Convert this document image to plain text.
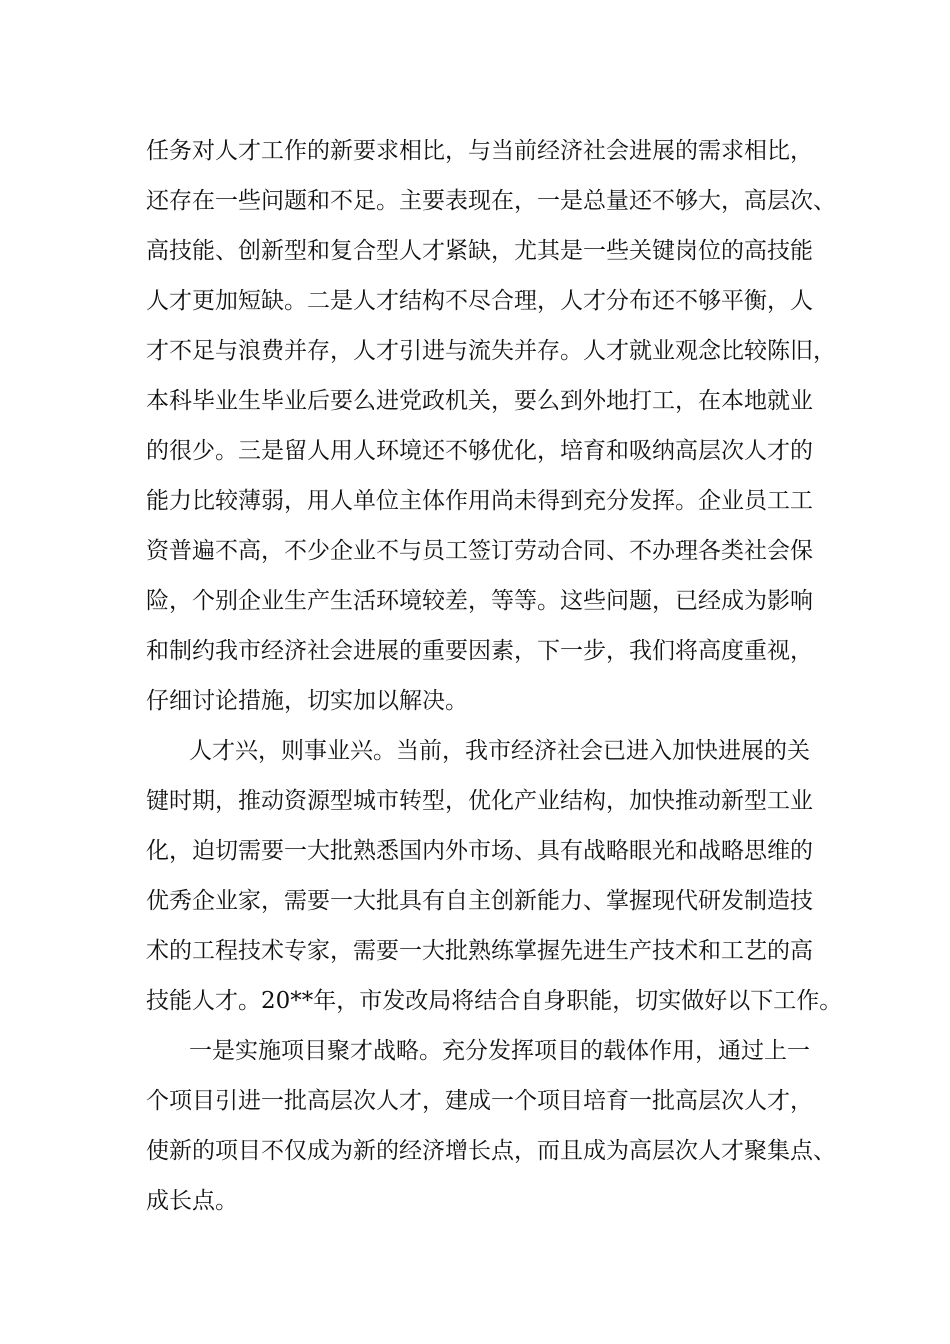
任务对人才工作的新要求相比，与当前经济社会进展的需求相比，
还存在一些问题和不足。主要表现在，一是总量还不够大，高层次、
高技能、创新型和复合型人才紧缺，尤其是一些关键岗位的高技能
人才更加短缺。二是人才结构不尽合理，人才分布还不够平衡，人
才不足与浪费并存，人才引进与流失并存。人才就业观念比较陈旧，
本科毕业生毕业后要么进党政机关，要么到外地打工，在本地就业
的很少。三是留人用人环境还不够优化，培育和吸纳高层次人才的
能力比较薄弱，用人单位主体作用尚未得到充分发挥。企业员工工
资普遍不高，不少企业不与员工签订劳动合同、不办理各类社会保
险，个别企业生产生活环境较差，等等。这些问题，已经成为影响
和制约我市经济社会进展的重要因素，下一步，我们将高度重视，
仔细讨论措施，切实加以解决。
人才兴，则事业兴。当前，我市经济社会已进入加快进展的关
键时期，推动资源型城市转型，优化产业结构，加快推动新型工业
化，迫切需要一大批熟悉国内外市场、具有战略眼光和战略思维的
优秀企业家，需要一大批具有自主创新能力、掌握现代研发制造技
术的工程技术专家，需要一大批熟练掌握先进生产技术和工艺的高
技能人才。20**年，市发改局将结合自身职能，切实做好以下工作。
一是实施项目聚才战略。充分发挥项目的载体作用，通过上一
个项目引进一批高层次人才，建成一个项目培育一批高层次人才，
使新的项目不仅成为新的经济增长点，而且成为高层次人才聚集点、
成长点。
